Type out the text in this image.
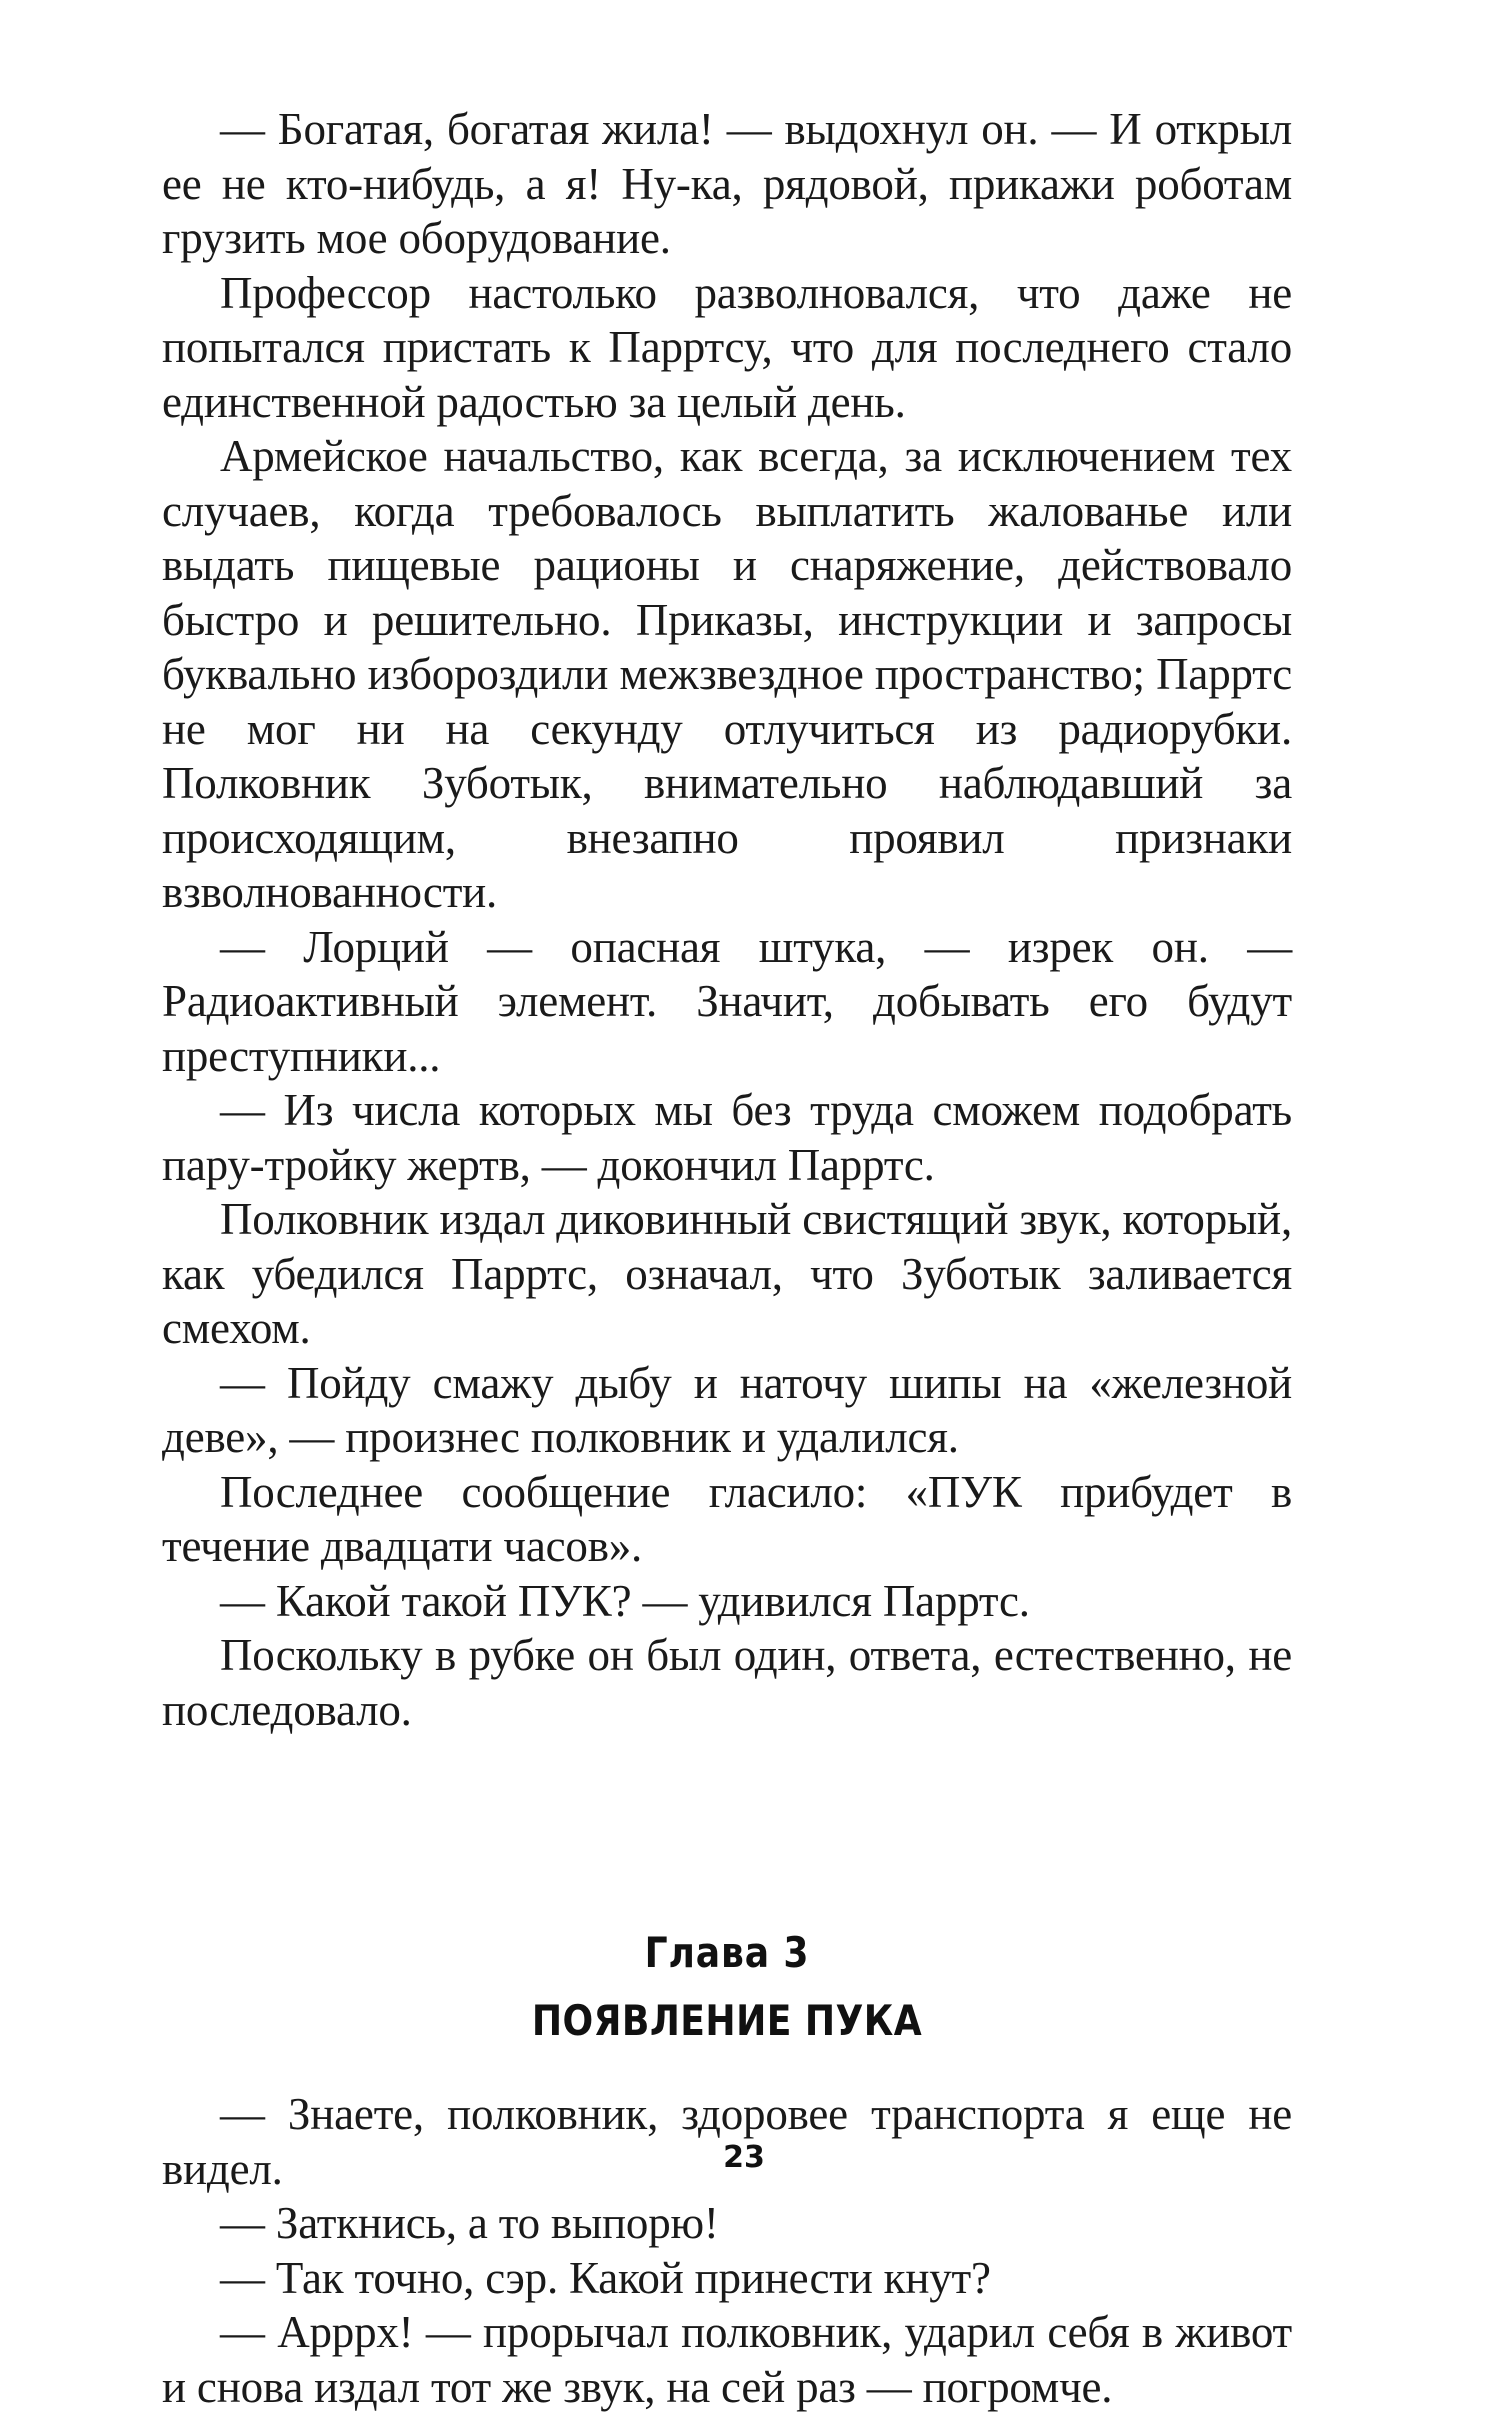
— Богатая, богатая жила! — выдохнул он. — И открыл ее не кто-нибудь, а я! Ну-ка, рядовой, прикажи роботам грузить мое оборудование.

Профессор настолько разволновался, что даже не попытался пристать к Парртсу, что для последнего стало единственной радостью за целый день.

Армейское начальство, как всегда, за исключением тех случаев, когда требовалось выплатить жалованье или выдать пищевые рационы и снаряжение, действовало быстро и решительно. Приказы, инструкции и запросы буквально избороздили межзвездное пространство; Парртс не мог ни на секунду отлучиться из радиорубки. Полковник Зуботык, внимательно наблюдавший за происходящим, внезапно проявил признаки взволнованности.

— Лорций — опасная штука, — изрек он. — Радиоактивный элемент. Значит, добывать его будут преступники...

— Из числа которых мы без труда сможем подобрать пару-тройку жертв, — докончил Парртс.

Полковник издал диковинный свистящий звук, который, как убедился Парртс, означал, что Зуботык заливается смехом.

— Пойду смажу дыбу и наточу шипы на «железной деве», — произнес полковник и удалился.

Последнее сообщение гласило: «ПУК прибудет в течение двадцати часов».

— Какой такой ПУК? — удивился Парртс.

Поскольку в рубке он был один, ответа, естественно, не последовало.

Глава 3
ПОЯВЛЕНИЕ ПУКА

— Знаете, полковник, здоровее транспорта я еще не видел.

— Заткнись, а то выпорю!

— Так точно, сэр. Какой принести кнут?

— Арррх! — прорычал полковник, ударил себя в живот и снова издал тот же звук, на сей раз — погромче.

23
